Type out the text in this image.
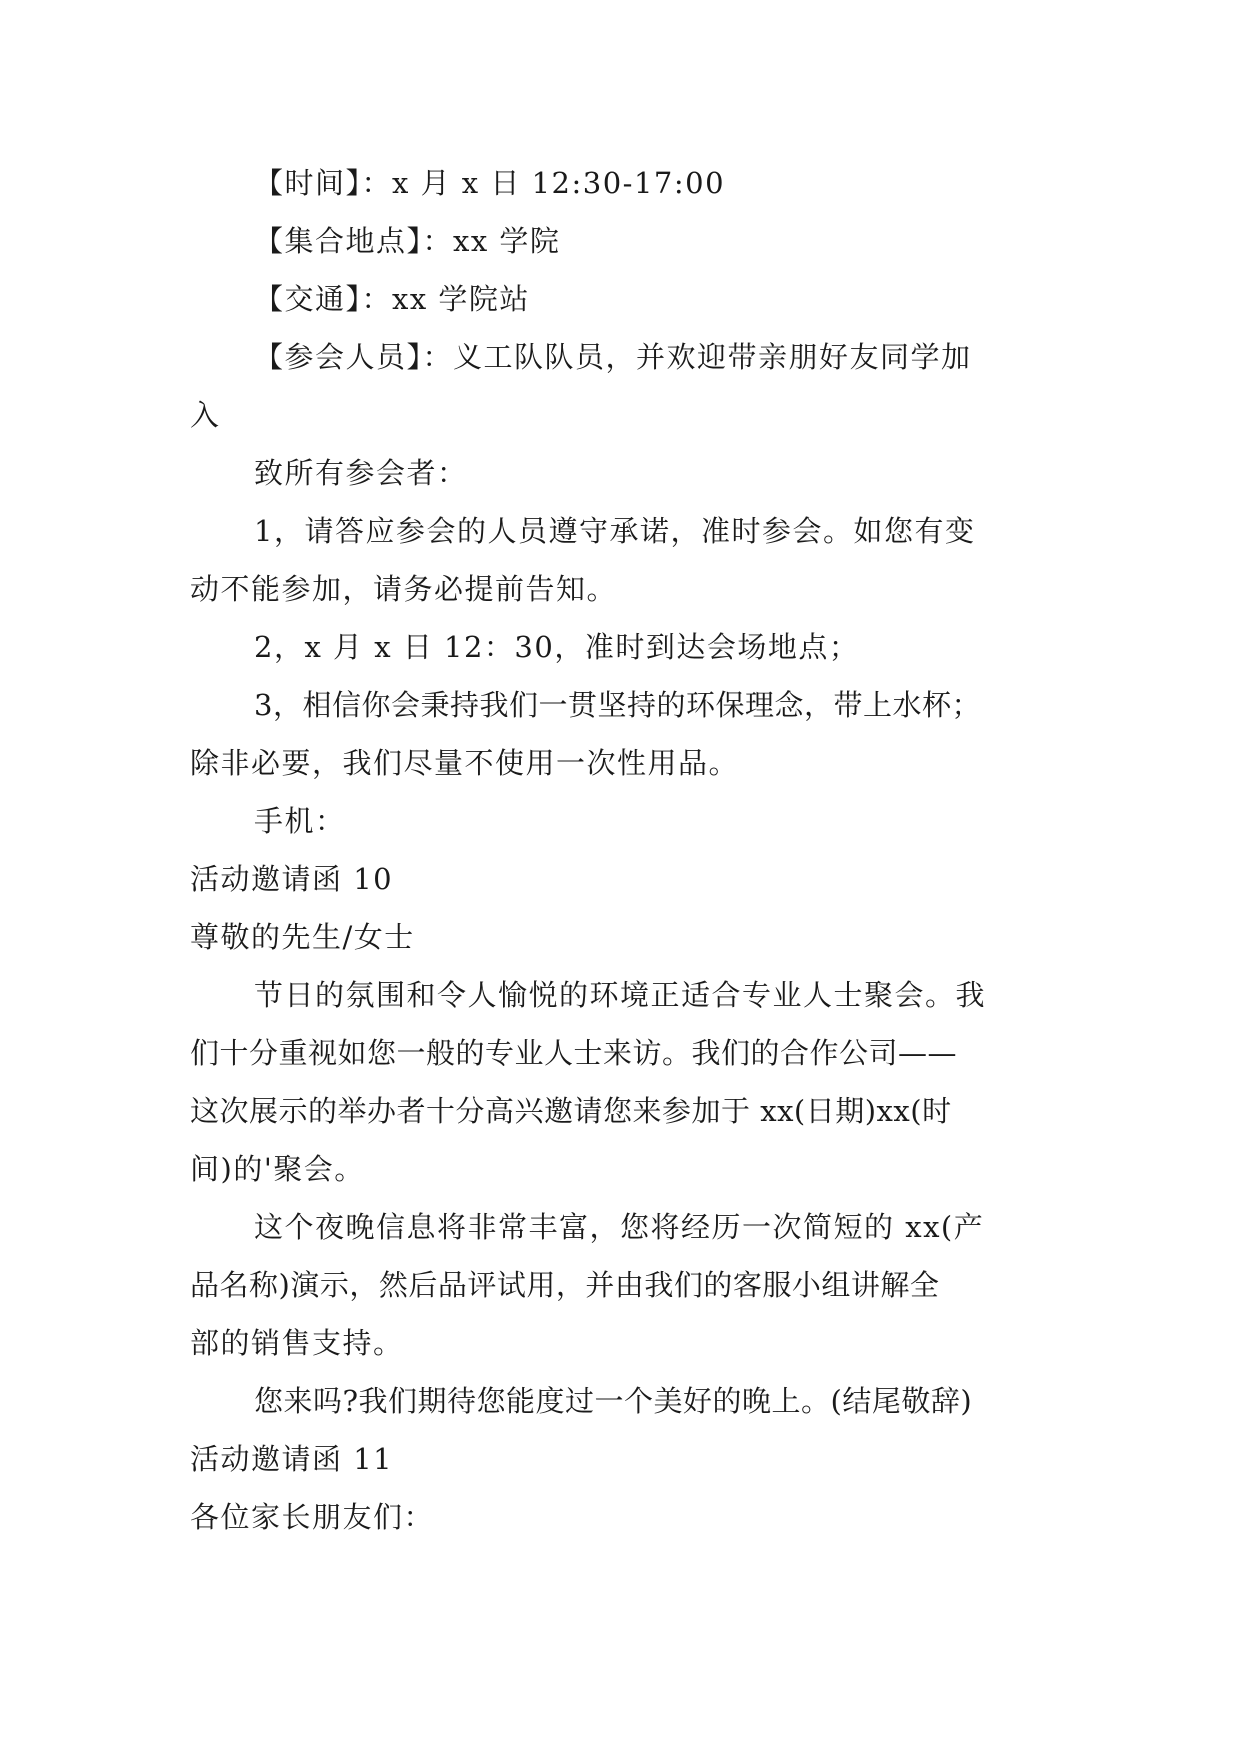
【时间】：x 月 x 日 12:30-17:00
【集合地点】：xx 学院
【交通】：xx 学院站
【参会人员】：义工队队员，并欢迎带亲朋好友同学加
入
致所有参会者：
1，请答应参会的人员遵守承诺，准时参会。如您有变
动不能参加，请务必提前告知。
2，x 月 x 日 12：30，准时到达会场地点；
3，相信你会秉持我们一贯坚持的环保理念，带上水杯；
除非必要，我们尽量不使用一次性用品。
手机：
活动邀请函 10
尊敬的先生/女士
节日的氛围和令人愉悦的环境正适合专业人士聚会。我
们十分重视如您一般的专业人士来访。我们的合作公司——
这次展示的举办者十分高兴邀请您来参加于 xx(日期)xx(时
间)的'聚会。
这个夜晚信息将非常丰富，您将经历一次简短的 xx(产
品名称)演示，然后品评试用，并由我们的客服小组讲解全
部的销售支持。
您来吗?我们期待您能度过一个美好的晚上。(结尾敬辞)
活动邀请函 11
各位家长朋友们：
